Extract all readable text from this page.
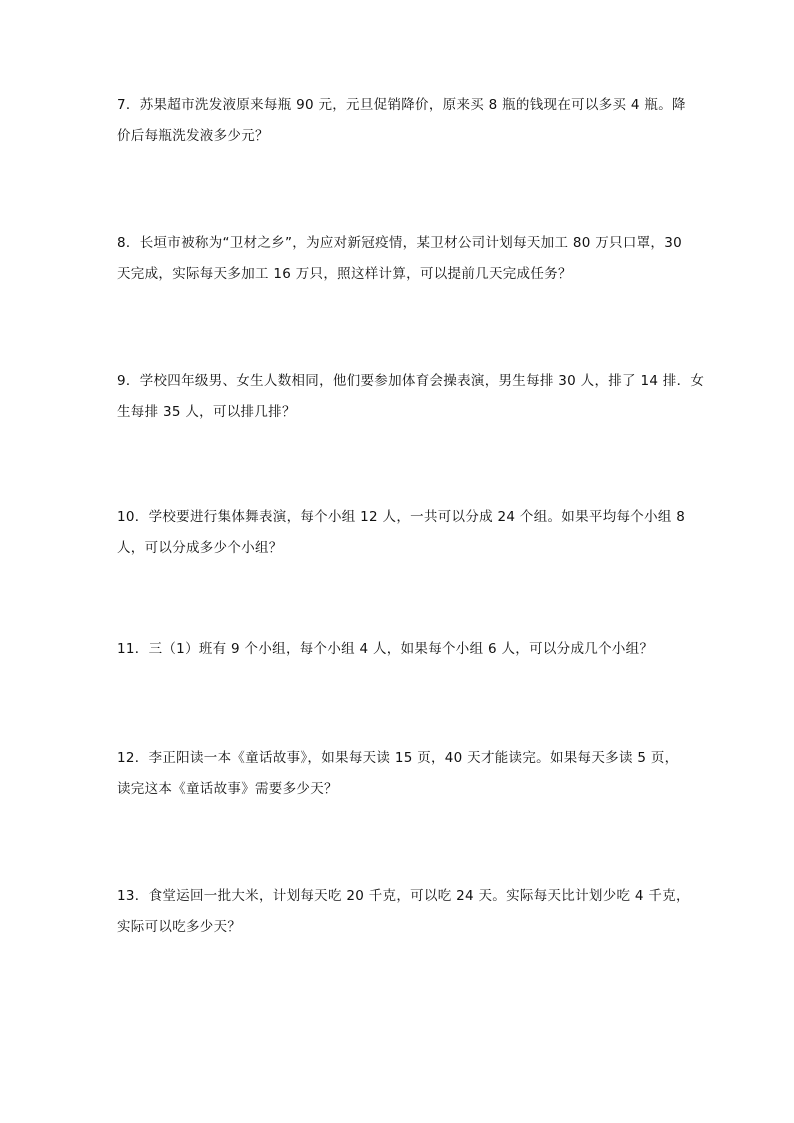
7．苏果超市洗发液原来每瓶 90 元，元旦促销降价，原来买 8 瓶的钱现在可以多买 4 瓶。降
价后每瓶洗发液多少元？
8．长垣市被称为“卫材之乡”，为应对新冠疫情，某卫材公司计划每天加工 80 万只口罩，30
天完成，实际每天多加工 16 万只，照这样计算，可以提前几天完成任务？
9．学校四年级男、女生人数相同，他们要参加体育会操表演，男生每排 30 人，排了 14 排．女
生每排 35 人，可以排几排？
10．学校要进行集体舞表演，每个小组 12 人，一共可以分成 24 个组。如果平均每个小组 8
人，可以分成多少个小组？
11．三（1）班有 9 个小组，每个小组 4 人，如果每个小组 6 人，可以分成几个小组？
12．李正阳读一本《童话故事》，如果每天读 15 页，40 天才能读完。如果每天多读 5 页，
读完这本《童话故事》需要多少天？
13．食堂运回一批大米，计划每天吃 20 千克，可以吃 24 天。实际每天比计划少吃 4 千克，
实际可以吃多少天？
